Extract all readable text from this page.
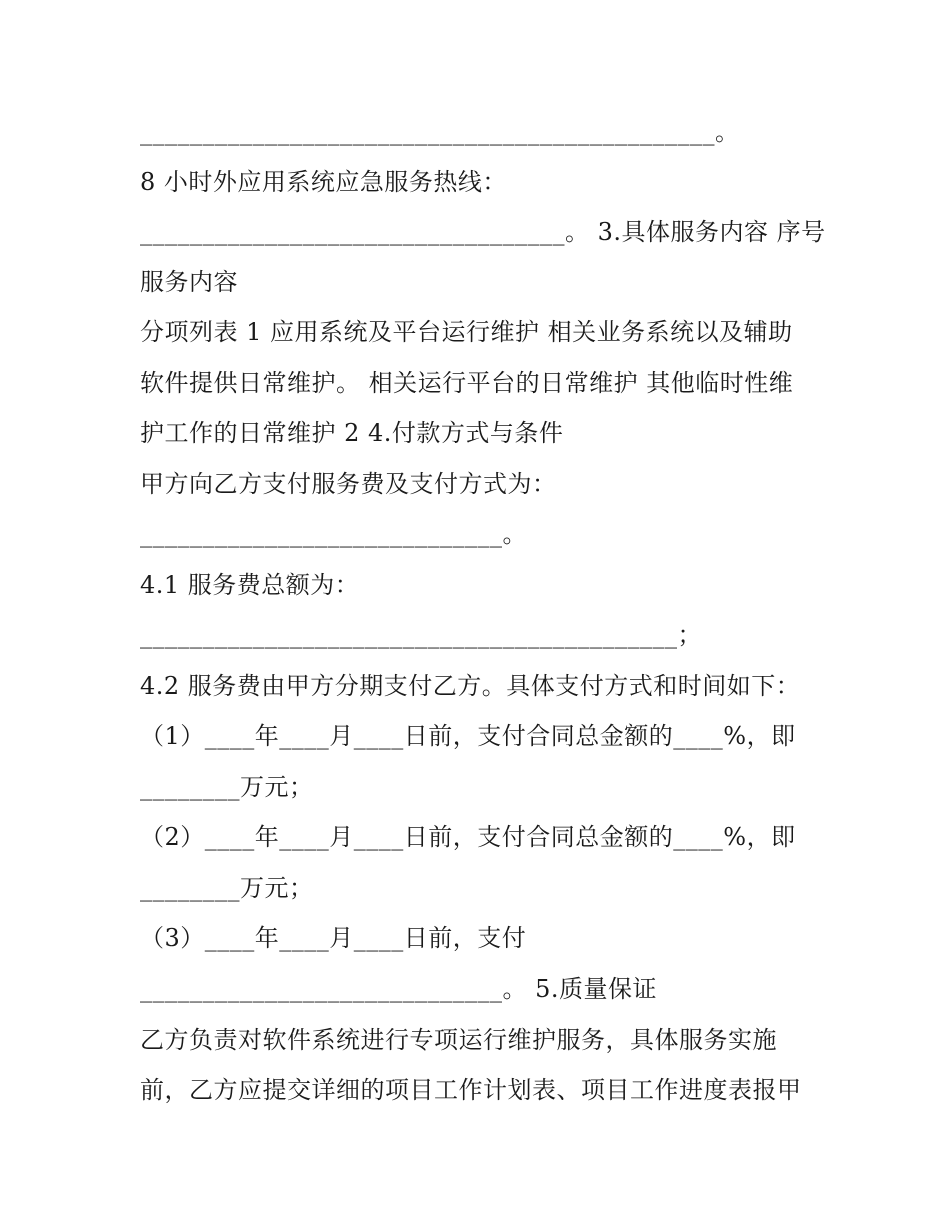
______________________________________________。
8 小时外应用系统应急服务热线：
__________________________________。 3.具体服务内容 序号
服务内容
分项列表 1 应用系统及平台运行维护 相关业务系统以及辅助
软件提供日常维护。 相关运行平台的日常维护 其他临时性维
护工作的日常维护 2 4.付款方式与条件
甲方向乙方支付服务费及支付方式为：
_____________________________。
4.1 服务费总额为：
___________________________________________；
4.2 服务费由甲方分期支付乙方。具体支付方式和时间如下：
（1）____年____月____日前，支付合同总金额的____%，即
________万元；
（2）____年____月____日前，支付合同总金额的____%，即
________万元；
（3）____年____月____日前，支付
_____________________________。 5.质量保证
乙方负责对软件系统进行专项运行维护服务，具体服务实施
前，乙方应提交详细的项目工作计划表、项目工作进度表报甲
